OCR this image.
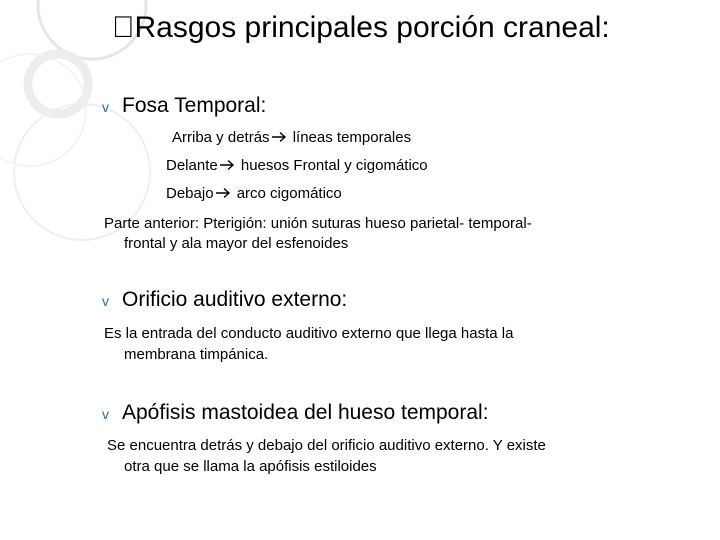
Rasgos principales porción craneal:
v Fosa Temporal:
Arriba y detrás líneas temporales
Delante huesos Frontal y cigomático
Debajo arco cigomático
Parte anterior: Pterigión: unión suturas hueso parietal- temporal-
frontal y ala mayor del esfenoides
v Orificio auditivo externo:
Es la entrada del conducto auditivo externo que llega hasta la
membrana timpánica.
v Apófisis mastoidea del hueso temporal:
Se encuentra detrás y debajo del orificio auditivo externo. Y existe
otra que se llama la apófisis estiloides
